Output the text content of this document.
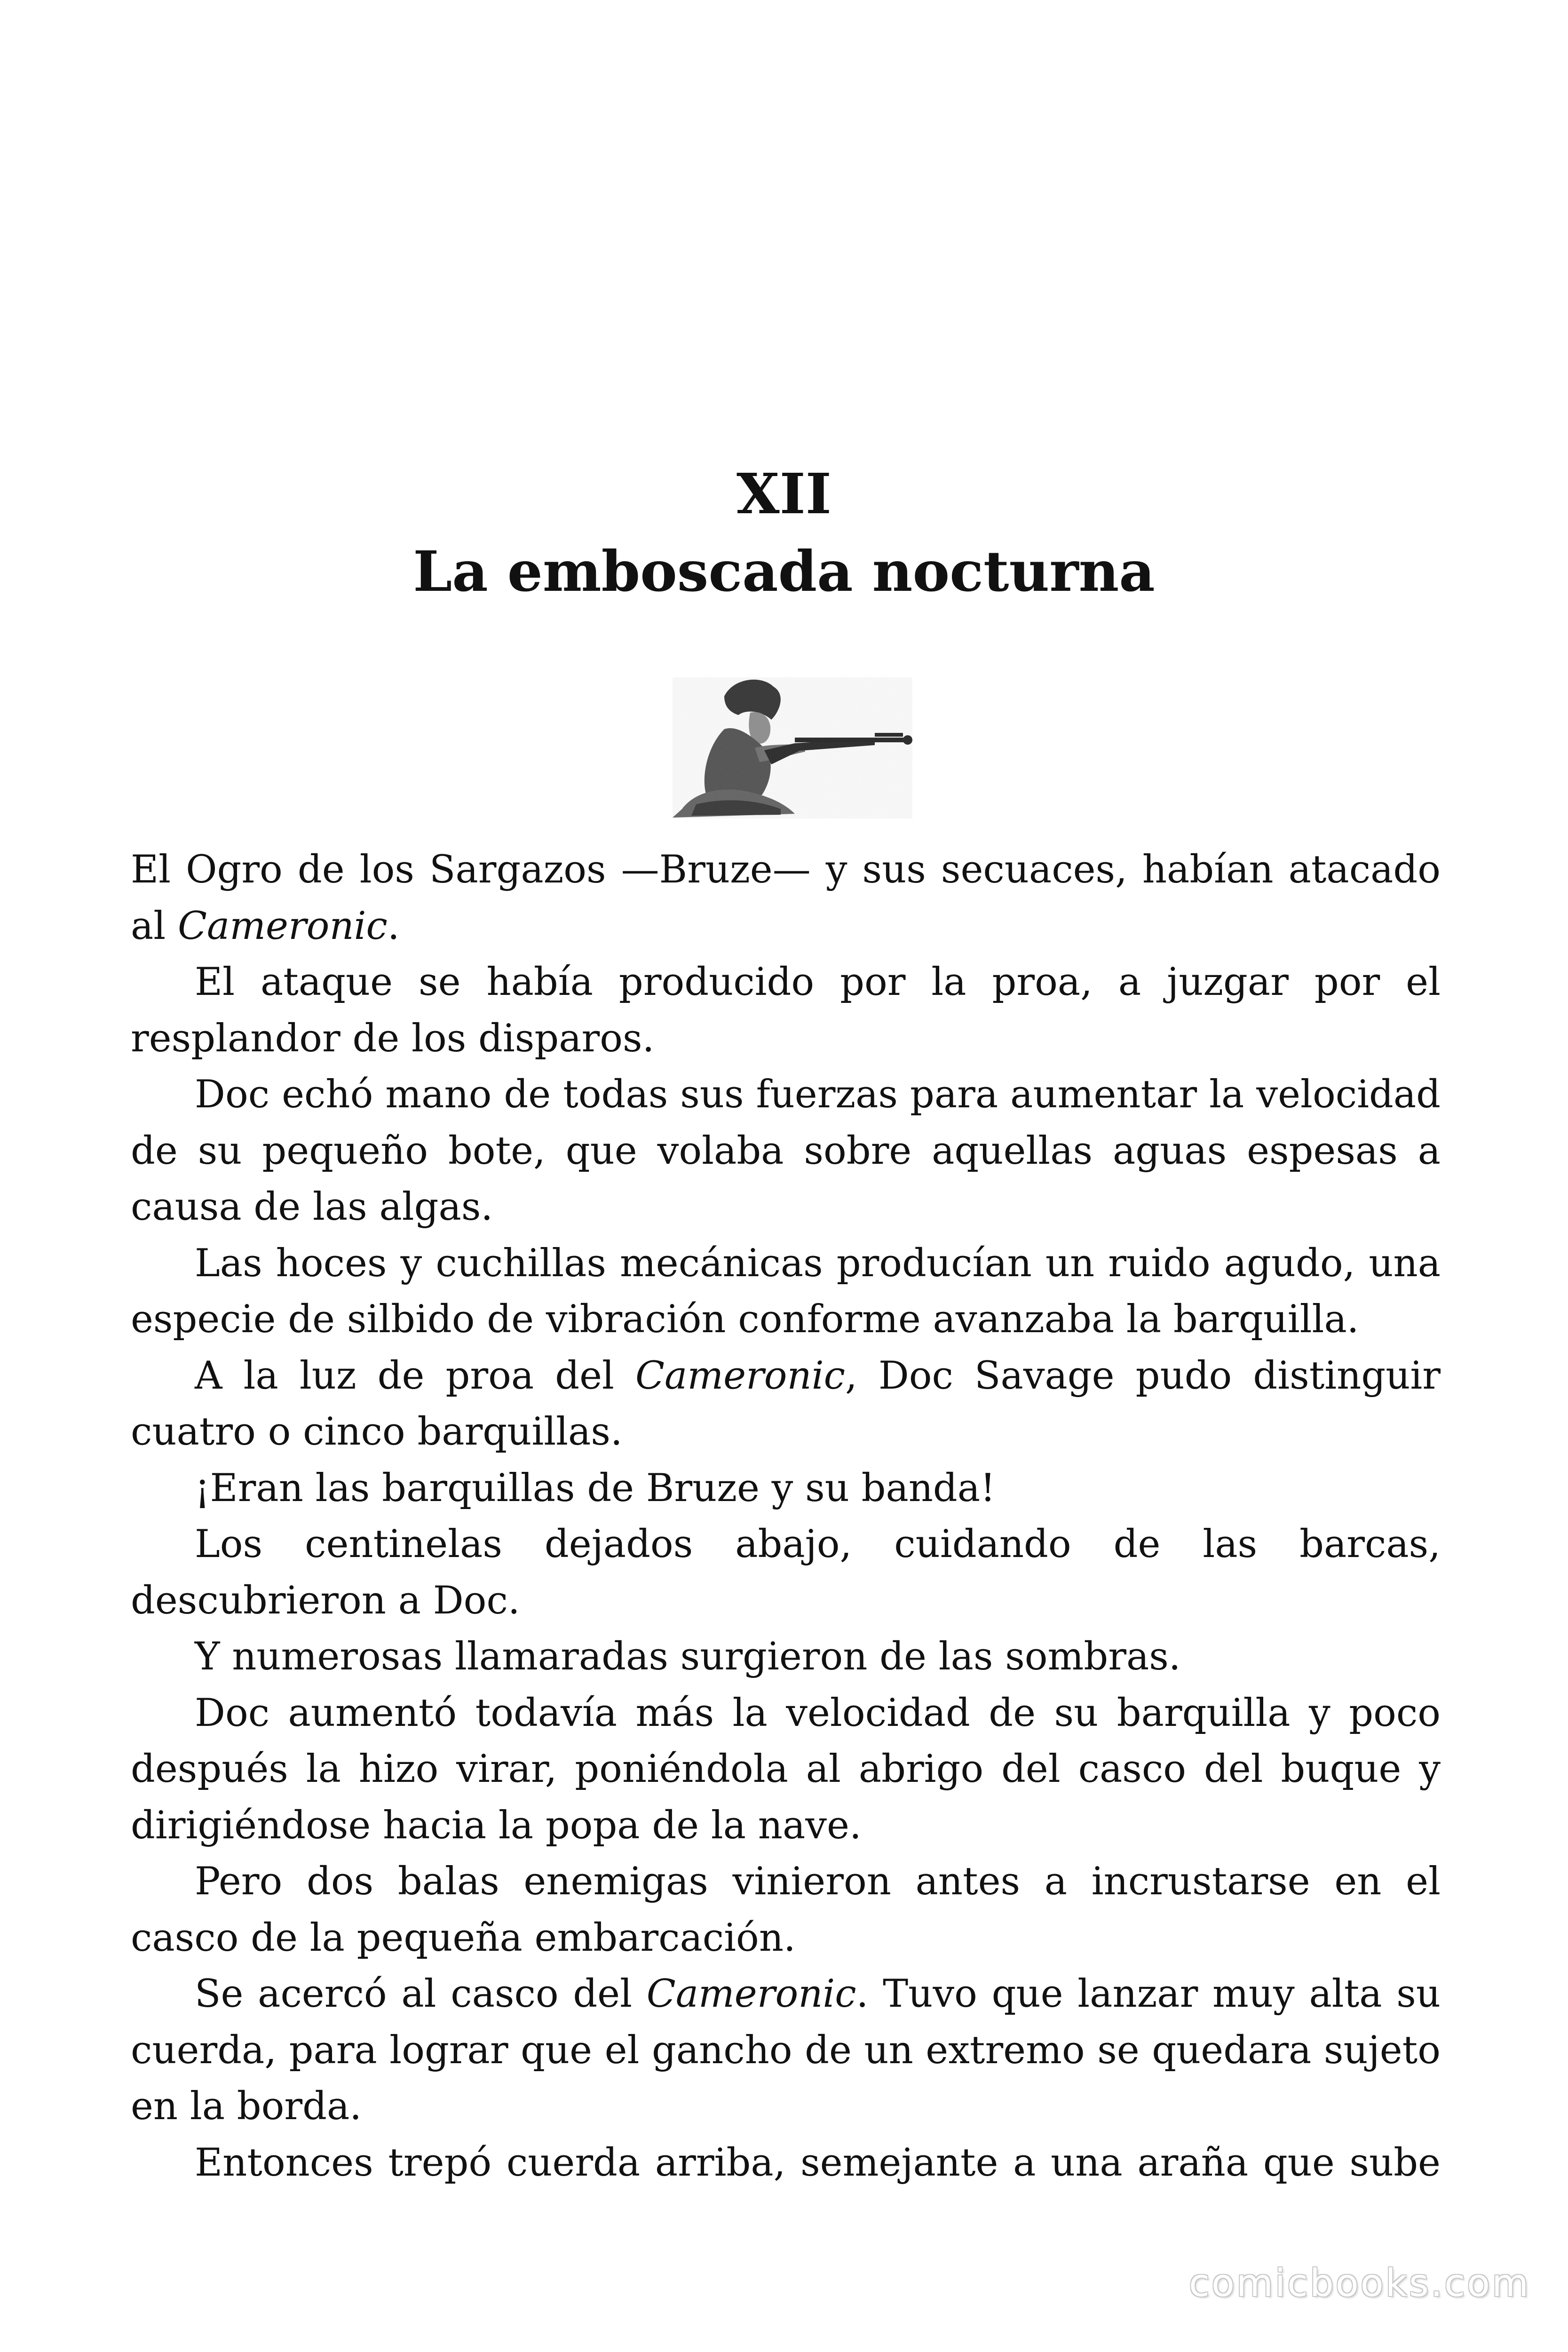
XII
La emboscada nocturna

El Ogro de los Sargazos —Bruze— y sus secuaces, habían atacado al Cameronic.

El ataque se había producido por la proa, a juzgar por el resplandor de los disparos.

Doc echó mano de todas sus fuerzas para aumentar la velocidad de su pequeño bote, que volaba sobre aquellas aguas espesas a causa de las algas.

Las hoces y cuchillas mecánicas producían un ruido agudo, una especie de silbido de vibración conforme avanzaba la barquilla.

A la luz de proa del Cameronic, Doc Savage pudo distinguir cuatro o cinco barquillas.

¡Eran las barquillas de Bruze y su banda!

Los centinelas dejados abajo, cuidando de las barcas, descubrieron a Doc.

Y numerosas llamaradas surgieron de las sombras.

Doc aumentó todavía más la velocidad de su barquilla y poco después la hizo virar, poniéndola al abrigo del casco del buque y dirigiéndose hacia la popa de la nave.

Pero dos balas enemigas vinieron antes a incrustarse en el casco de la pequeña embarcación.

Se acercó al casco del Cameronic. Tuvo que lanzar muy alta su cuerda, para lograr que el gancho de un extremo se quedara sujeto en la borda.

Entonces trepó cuerda arriba, semejante a una araña que sube

comicbooks.com
